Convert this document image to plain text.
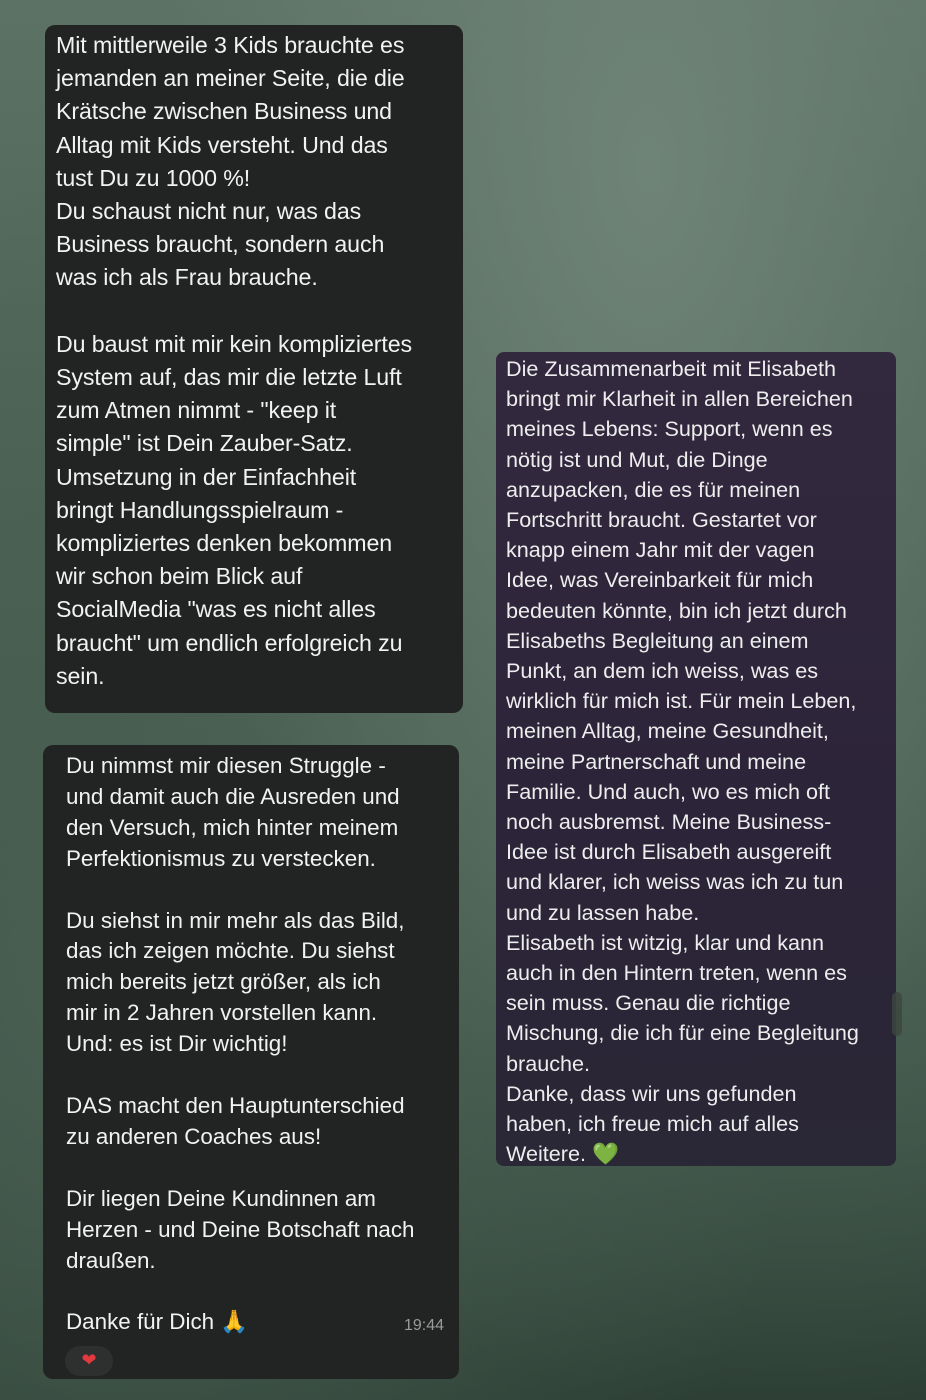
Mit mittlerweile 3 Kids brauchte es
jemanden an meiner Seite, die die
Krätsche zwischen Business und
Alltag mit Kids versteht. Und das
tust Du zu 1000 %!
Du schaust nicht nur, was das
Business braucht, sondern auch
was ich als Frau brauche.

Du baust mit mir kein kompliziertes
System auf, das mir die letzte Luft
zum Atmen nimmt - "keep it
simple" ist Dein Zauber-Satz.
Umsetzung in der Einfachheit
bringt Handlungsspielraum -
kompliziertes denken bekommen
wir schon beim Blick auf
SocialMedia "was es nicht alles
braucht" um endlich erfolgreich zu
sein.

Die Zusammenarbeit mit Elisabeth
bringt mir Klarheit in allen Bereichen
meines Lebens: Support, wenn es
nötig ist und Mut, die Dinge
anzupacken, die es für meinen
Fortschritt braucht. Gestartet vor
knapp einem Jahr mit der vagen
Idee, was Vereinbarkeit für mich
bedeuten könnte, bin ich jetzt durch
Elisabeths Begleitung an einem
Punkt, an dem ich weiss, was es
wirklich für mich ist. Für mein Leben,
meinen Alltag, meine Gesundheit,
meine Partnerschaft und meine
Familie. Und auch, wo es mich oft
noch ausbremst. Meine Business-
Idee ist durch Elisabeth ausgereift
und klarer, ich weiss was ich zu tun
und zu lassen habe.
Elisabeth ist witzig, klar und kann
auch in den Hintern treten, wenn es
sein muss. Genau die richtige
Mischung, die ich für eine Begleitung
brauche.
Danke, dass wir uns gefunden
haben, ich freue mich auf alles
Weitere. 💚

Du nimmst mir diesen Struggle -
und damit auch die Ausreden und
den Versuch, mich hinter meinem
Perfektionismus zu verstecken.

Du siehst in mir mehr als das Bild,
das ich zeigen möchte. Du siehst
mich bereits jetzt größer, als ich
mir in 2 Jahren vorstellen kann.
Und: es ist Dir wichtig!

DAS macht den Hauptunterschied
zu anderen Coaches aus!

Dir liegen Deine Kundinnen am
Herzen - und Deine Botschaft nach
draußen.

Danke für Dich 🙏	19:44
❤
